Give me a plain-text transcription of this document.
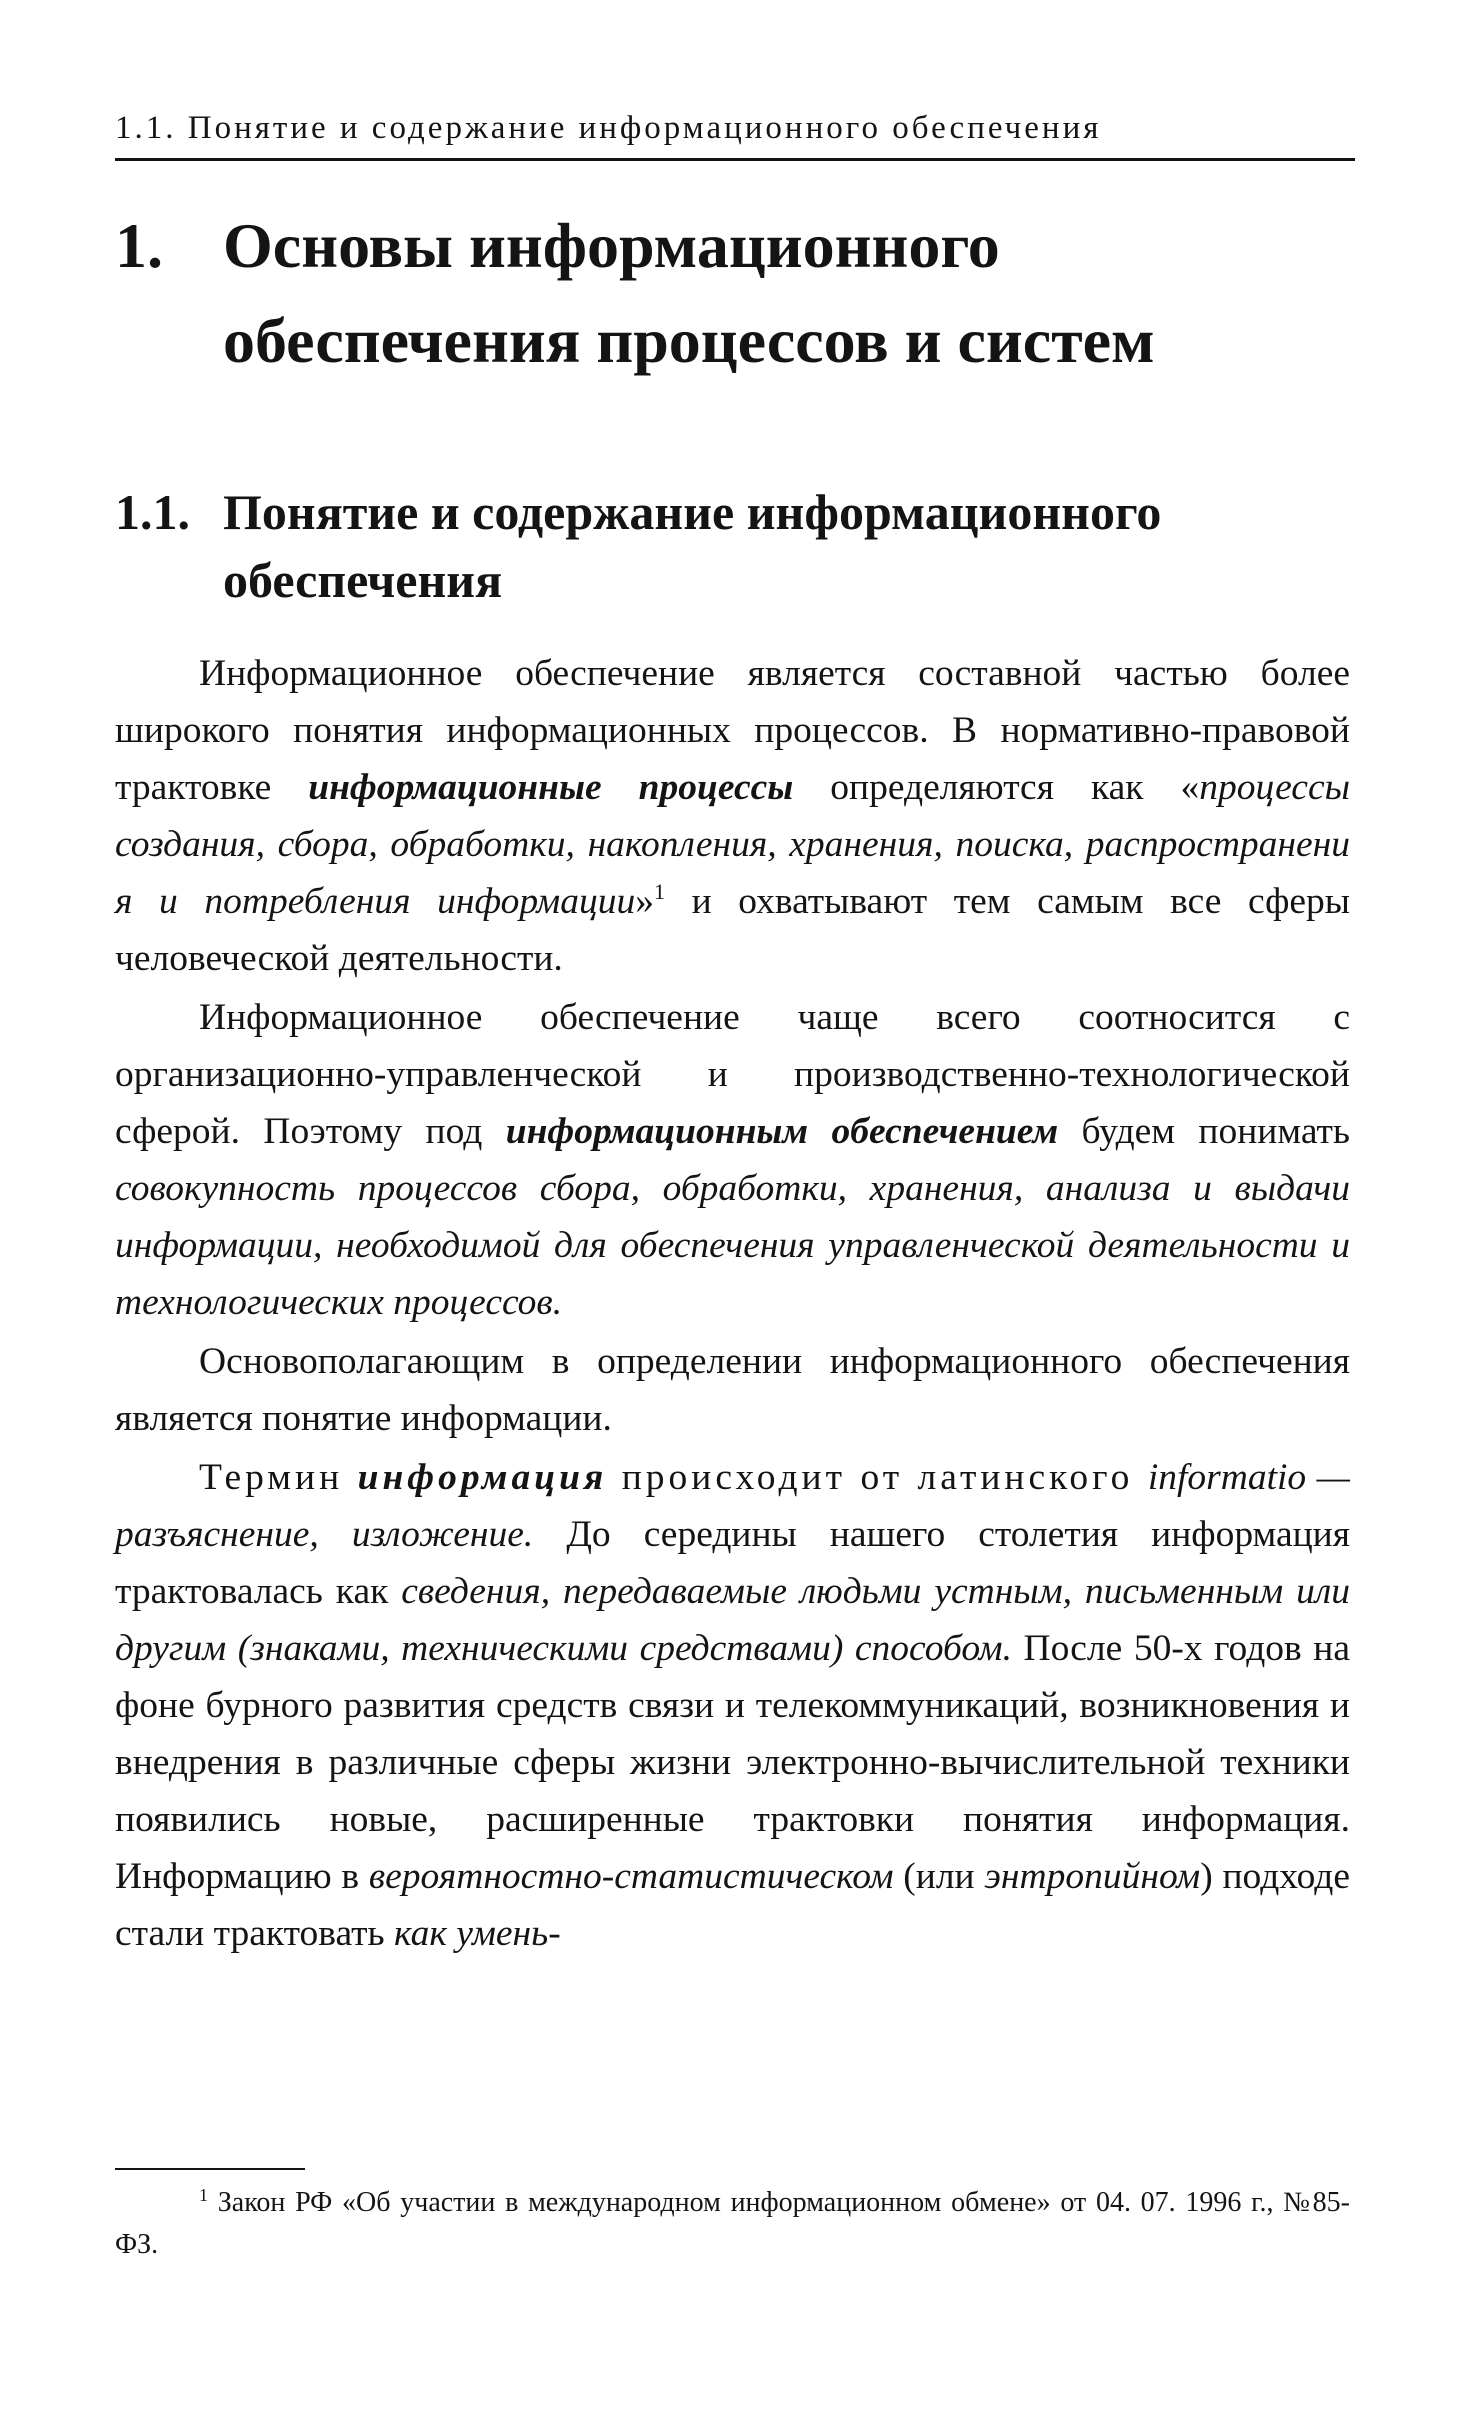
1.1. Понятие и содержание информационного обеспечения
1. Основы информационного обеспечения процессов и систем
1.1. Понятие и содержание информационного обеспечения

Информационное обеспечение является составной частью более широкого понятия информационных процессов. В нормативно-правовой трактовке информационные процессы определяются как «процессы создания, сбора, обработки, накопления, хранения, поиска, распространени я и потребления информации»$^1$ и охватывают тем самым все сферы человеческой деятельности.

Информационное обеспечение чаще всего соотносится с организационно-управленческой и производственно-технологической сферой. Поэтому под информационным обеспечением будем понимать совокупность процессов сбора, обработки, хранения, анализа и выдачи информации, необходимой для обеспечения управленческой деятельности и технологических процессов.

Основополагающим в определении информационного обеспечения является понятие информации.

Термин информация происходит от латинского informatio — разъяснение, изложение. До середины нашего столетия информация трактовалась как сведения, передаваемые людьми устным, письменным или другим (знаками, техническими средствами) способом. После 50-х годов на фоне бурного развития средств связи и телекоммуникаций, возникновения и внедрения в различные сферы жизни электронно-вычислительной техники появились новые, расширенные трактовки понятия информация. Информацию в вероятностно-статистическом (или энтропийном) подходе стали трактовать как умень-

$^1$ Закон РФ «Об участии в международном информационном обмене» от 04. 07. 1996 г., №85-ФЗ.
